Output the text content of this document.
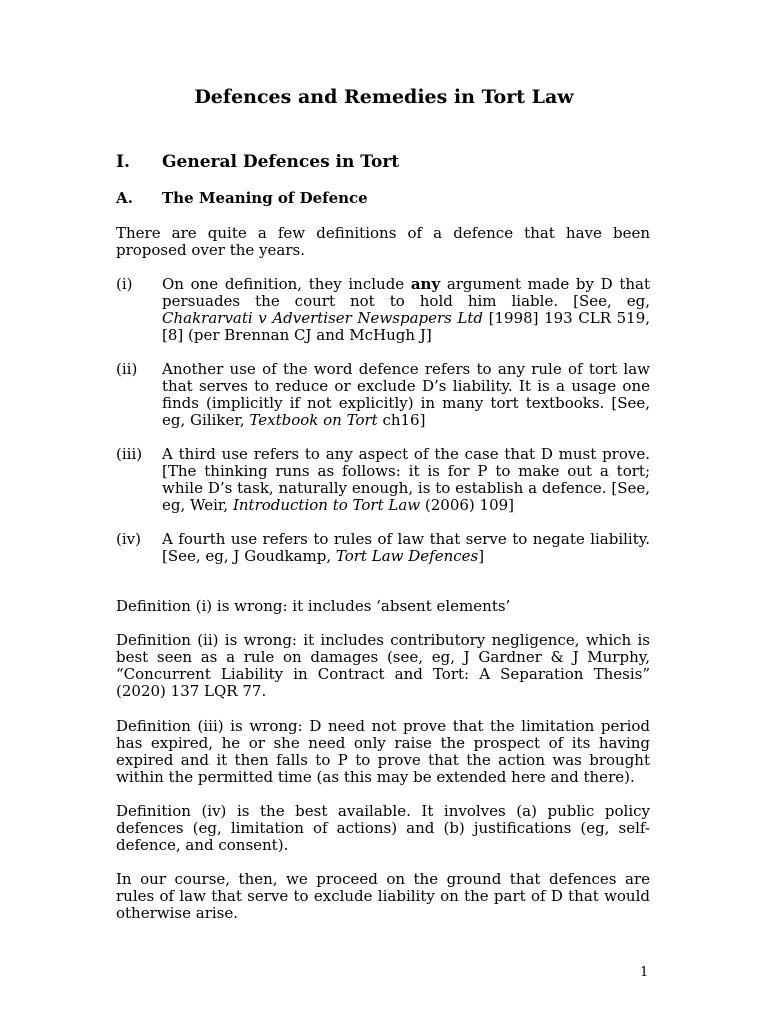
Defences and Remedies in Tort Law
I. General Defences in Tort
A. The Meaning of Defence

There are quite a few definitions of a defence that have been proposed over the years.

(i) On one definition, they include any argument made by D that persuades the court not to hold him liable. [See, eg, Chakrarvati v Advertiser Newspapers Ltd [1998] 193 CLR 519, [8] (per Brennan CJ and McHugh J]

(ii) Another use of the word defence refers to any rule of tort law that serves to reduce or exclude D’s liability. It is a usage one finds (implicitly if not explicitly) in many tort textbooks. [See, eg, Giliker, Textbook on Tort ch16]

(iii) A third use refers to any aspect of the case that D must prove. [The thinking runs as follows: it is for P to make out a tort; while D’s task, naturally enough, is to establish a defence. [See, eg, Weir, Introduction to Tort Law (2006) 109]

(iv) A fourth use refers to rules of law that serve to negate liability. [See, eg, J Goudkamp, Tort Law Defences]

Definition (i) is wrong: it includes ‘absent elements’

Definition (ii) is wrong: it includes contributory negligence, which is best seen as a rule on damages (see, eg, J Gardner & J Murphy, “Concurrent Liability in Contract and Tort: A Separation Thesis” (2020) 137 LQR 77.

Definition (iii) is wrong: D need not prove that the limitation period has expired, he or she need only raise the prospect of its having expired and it then falls to P to prove that the action was brought within the permitted time (as this may be extended here and there).

Definition (iv) is the best available. It involves (a) public policy defences (eg, limitation of actions) and (b) justifications (eg, self-defence, and consent).

In our course, then, we proceed on the ground that defences are rules of law that serve to exclude liability on the part of D that would otherwise arise.

1
